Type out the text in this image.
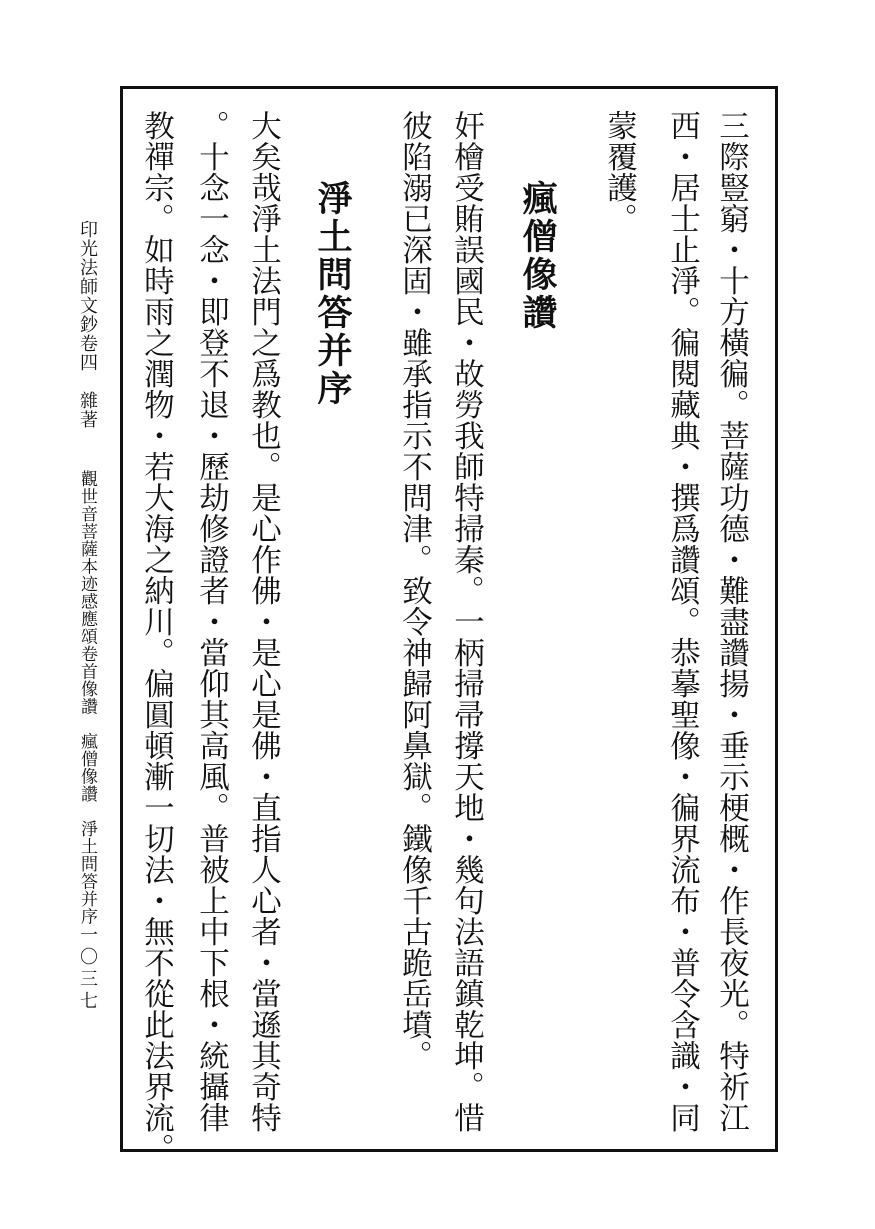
三際豎窮・十方橫徧。菩薩功德・難盡讚揚・垂示梗概・作長夜光。特祈江
西・居士止淨。徧閱藏典・撰爲讚頌。恭摹聖像・徧界流布・普令含識・同
蒙覆護。
瘋僧像讚
奸檜受賄誤國民・故勞我師特掃秦。一柄掃帚撐天地・幾句法語鎮乾坤。惜
彼陷溺已深固・雖承指示不問津。致令神歸阿鼻獄。鐵像千古跪岳墳。
淨土問答并序
大矣哉淨土法門之爲教也。是心作佛・是心是佛・直指人心者・當遜其奇特
。十念一念・即登不退・歷劫修證者・當仰其高風。普被上中下根・統攝律
教禪宗。如時雨之潤物・若大海之納川。偏圓頓漸一切法・無不從此法界流。
印光法師文鈔卷四　雜著
觀世音菩薩本迹感應頌卷首像讚　瘋僧像讚　淨土問答并序
一〇三七
